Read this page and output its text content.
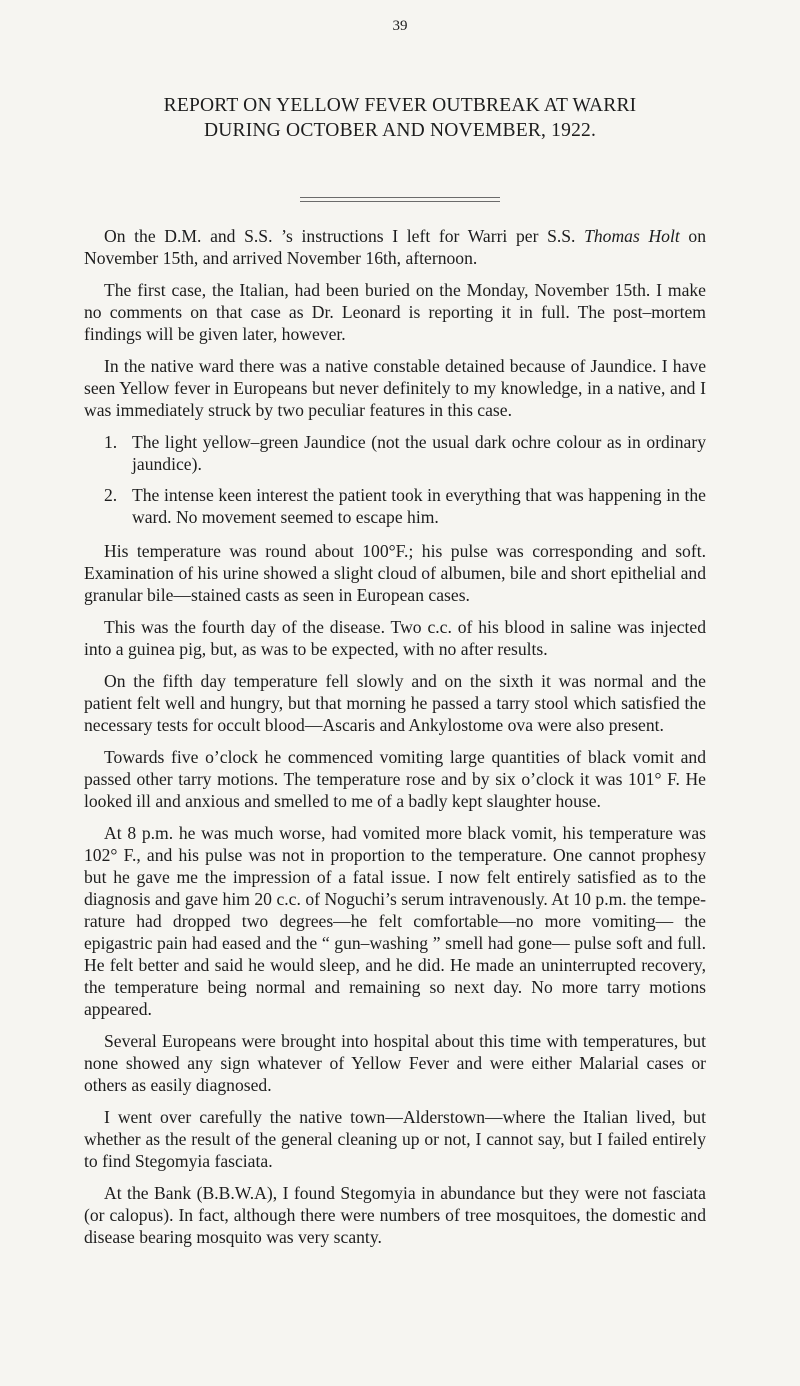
39
REPORT ON YELLOW FEVER OUTBREAK AT WARRI
DURING OCTOBER AND NOVEMBER, 1922.

On the D.M. and S.S. ’s instructions I left for Warri per S.S. Thomas Holt on November 15th, and arrived November 16th, afternoon.

The first case, the Italian, had been buried on the Monday, November 15th. I make no comments on that case as Dr. Leonard is reporting it in full. The post–mortem findings will be given later, however.

In the native ward there was a native constable detained because of Jaundice. I have seen Yellow fever in Europeans but never definitely to my knowledge, in a native, and I was immediately struck by two peculiar features in this case.

1. The light yellow–green Jaundice (not the usual dark ochre colour as in ordinary jaundice).
2. The intense keen interest the patient took in everything that was happening in the ward. No movement seemed to escape him.

His temperature was round about 100°F.; his pulse was corresponding and soft. Examination of his urine showed a slight cloud of albumen, bile and short epithelial and granular bile—stained casts as seen in European cases.

This was the fourth day of the disease. Two c.c. of his blood in saline was injected into a guinea pig, but, as was to be expected, with no after results.

On the fifth day temperature fell slowly and on the sixth it was normal and the patient felt well and hungry, but that morning he passed a tarry stool which satisfied the necessary tests for occult blood—Ascaris and Ankylostome ova were also present.

Towards five o’clock he commenced vomiting large quantities of black vomit and passed other tarry motions. The temperature rose and by six o’clock it was 101° F. He looked ill and anxious and smelled to me of a badly kept slaughter house.

At 8 p.m. he was much worse, had vomited more black vomit, his temperature was 102° F., and his pulse was not in proportion to the temperature. One cannot prophesy but he gave me the impression of a fatal issue. I now felt entirely satisfied as to the diagnosis and gave him 20 c.c. of Noguchi’s serum intravenously. At 10 p.m. the temperature had dropped two degrees—he felt comfortable—no more vomiting— the epigastric pain had eased and the “ gun–washing ” smell had gone— pulse soft and full. He felt better and said he would sleep, and he did. He made an uninterrupted recovery, the temperature being normal and remaining so next day. No more tarry motions appeared.

Several Europeans were brought into hospital about this time with temperatures, but none showed any sign whatever of Yellow Fever and were either Malarial cases or others as easily diagnosed.

I went over carefully the native town—Alderstown—where the Italian lived, but whether as the result of the general cleaning up or not, I cannot say, but I failed entirely to find Stegomyia fasciata.

At the Bank (B.B.W.A), I found Stegomyia in abundance but they were not fasciata (or calopus). In fact, although there were numbers of tree mosquitoes, the domestic and disease bearing mosquito was very scanty.
